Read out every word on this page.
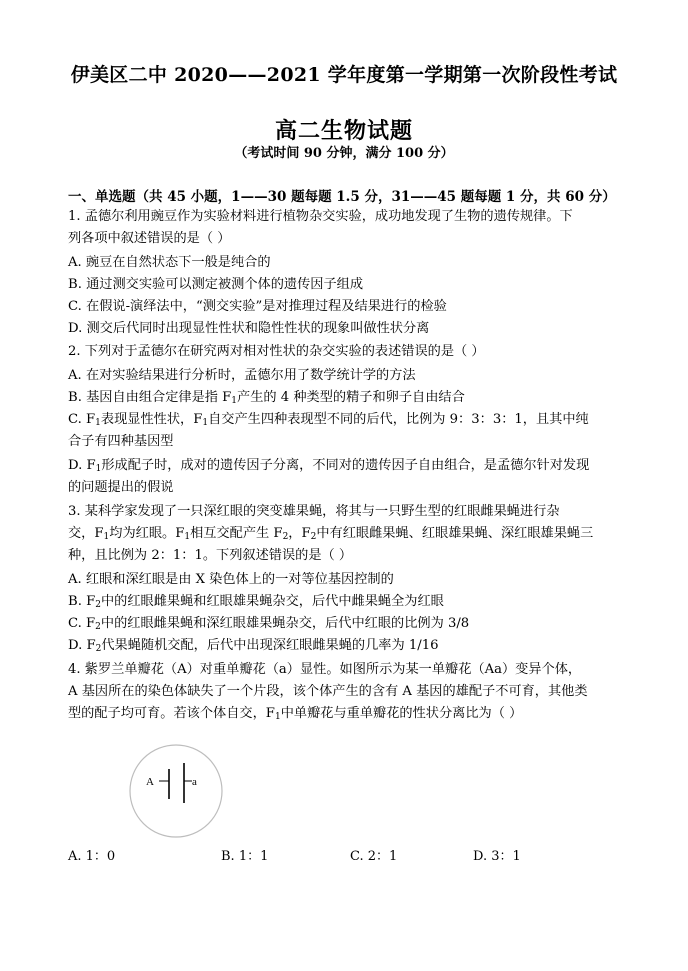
伊美区二中 2020——2021 学年度第一学期第一次阶段性考试
高二生物试题
（考试时间 90 分钟，满分 100 分）
一、单选题（共 45 小题，1——30 题每题 1.5 分，31——45 题每题 1 分，共 60 分）
1. 孟德尔利用豌豆作为实验材料进行植物杂交实验，成功地发现了生物的遗传规律。下
列各项中叙述错误的是（ ）
A. 豌豆在自然状态下一般是纯合的
B. 通过测交实验可以测定被测个体的遗传因子组成
C. 在假说-演绎法中，“测交实验”是对推理过程及结果进行的检验
D. 测交后代同时出现显性性状和隐性性状的现象叫做性状分离
2. 下列对于孟德尔在研究两对相对性状的杂交实验的表述错误的是（ ）
A. 在对实验结果进行分析时，孟德尔用了数学统计学的方法
B. 基因自由组合定律是指 $F_1$产生的 4 种类型的精子和卵子自由结合
C. $F_1$表现显性性状，$F_1$自交产生四种表现型不同的后代，比例为 9：3：3：1，且其中纯
合子有四种基因型
D. $F_1$形成配子时，成对的遗传因子分离，不同对的遗传因子自由组合，是孟德尔针对发现
的问题提出的假说
3. 某科学家发现了一只深红眼的突变雄果蝇，将其与一只野生型的红眼雌果蝇进行杂
交，$F_1$均为红眼。$F_1$相互交配产生 $F_2$，$F_2$中有红眼雌果蝇、红眼雄果蝇、深红眼雄果蝇三
种，且比例为 2：1：1。下列叙述错误的是（ ）
A. 红眼和深红眼是由 X 染色体上的一对等位基因控制的
B. $F_2$中的红眼雌果蝇和红眼雄果蝇杂交，后代中雌果蝇全为红眼
C. $F_2$中的红眼雌果蝇和深红眼雄果蝇杂交，后代中红眼的比例为 3/8
D. $F_2$代果蝇随机交配，后代中出现深红眼雌果蝇的几率为 1/16
4. 紫罗兰单瓣花（A）对重单瓣花（a）显性。如图所示为某一单瓣花（Aa）变异个体，
A 基因所在的染色体缺失了一个片段，该个体产生的含有 A 基因的雄配子不可育，其他类
型的配子均可育。若该个体自交，$F_1$中单瓣花与重单瓣花的性状分离比为（ ）
A	a
A. 1：0	B. 1：1	C. 2：1	D. 3：1
